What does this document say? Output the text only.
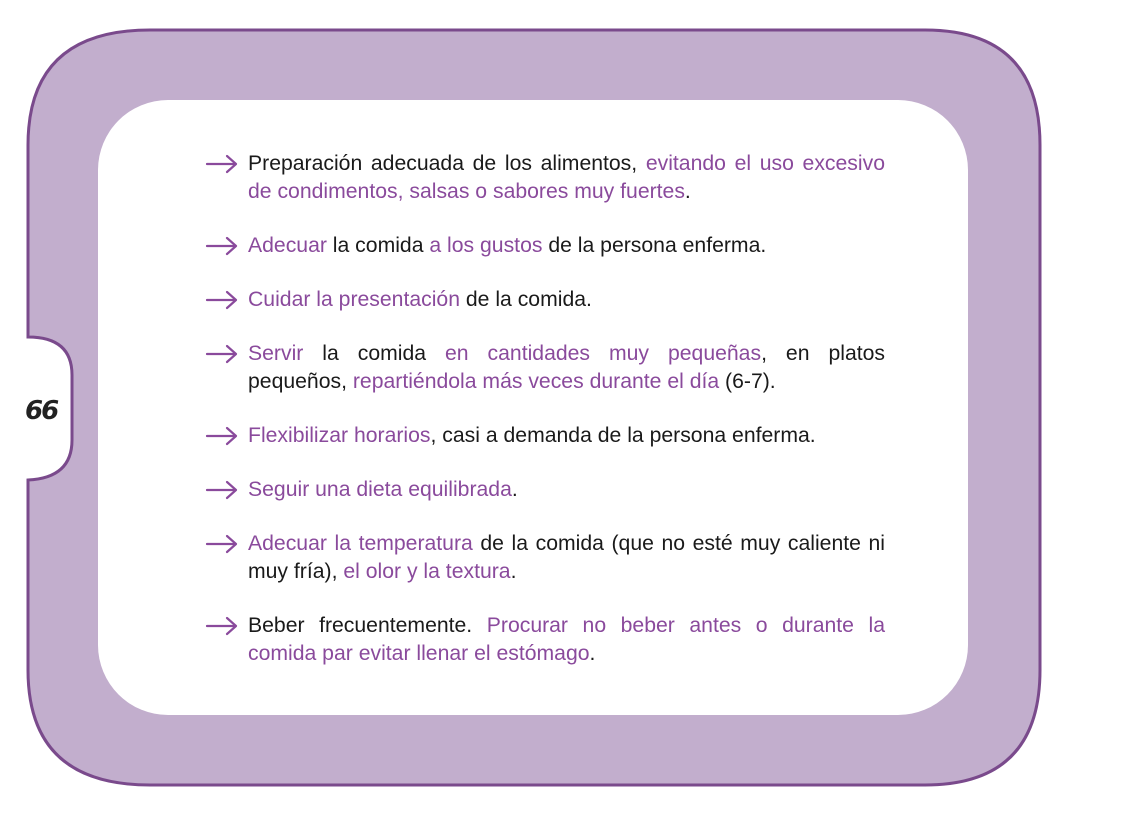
66
Preparación adecuada de los alimentos, evitando el uso excesivo de condimentos, salsas o sabores muy fuertes.
Adecuar la comida a los gustos de la persona enferma.
Cuidar la presentación de la comida.
Servir la comida en cantidades muy pequeñas, en platos pequeños, repartiéndola más veces durante el día (6-7).
Flexibilizar horarios, casi a demanda de la persona enferma.
Seguir una dieta equilibrada.
Adecuar la temperatura de la comida (que no esté muy caliente ni muy fría), el olor y la textura.
Beber frecuentemente. Procurar no beber antes o durante la comida par evitar llenar el estómago.
